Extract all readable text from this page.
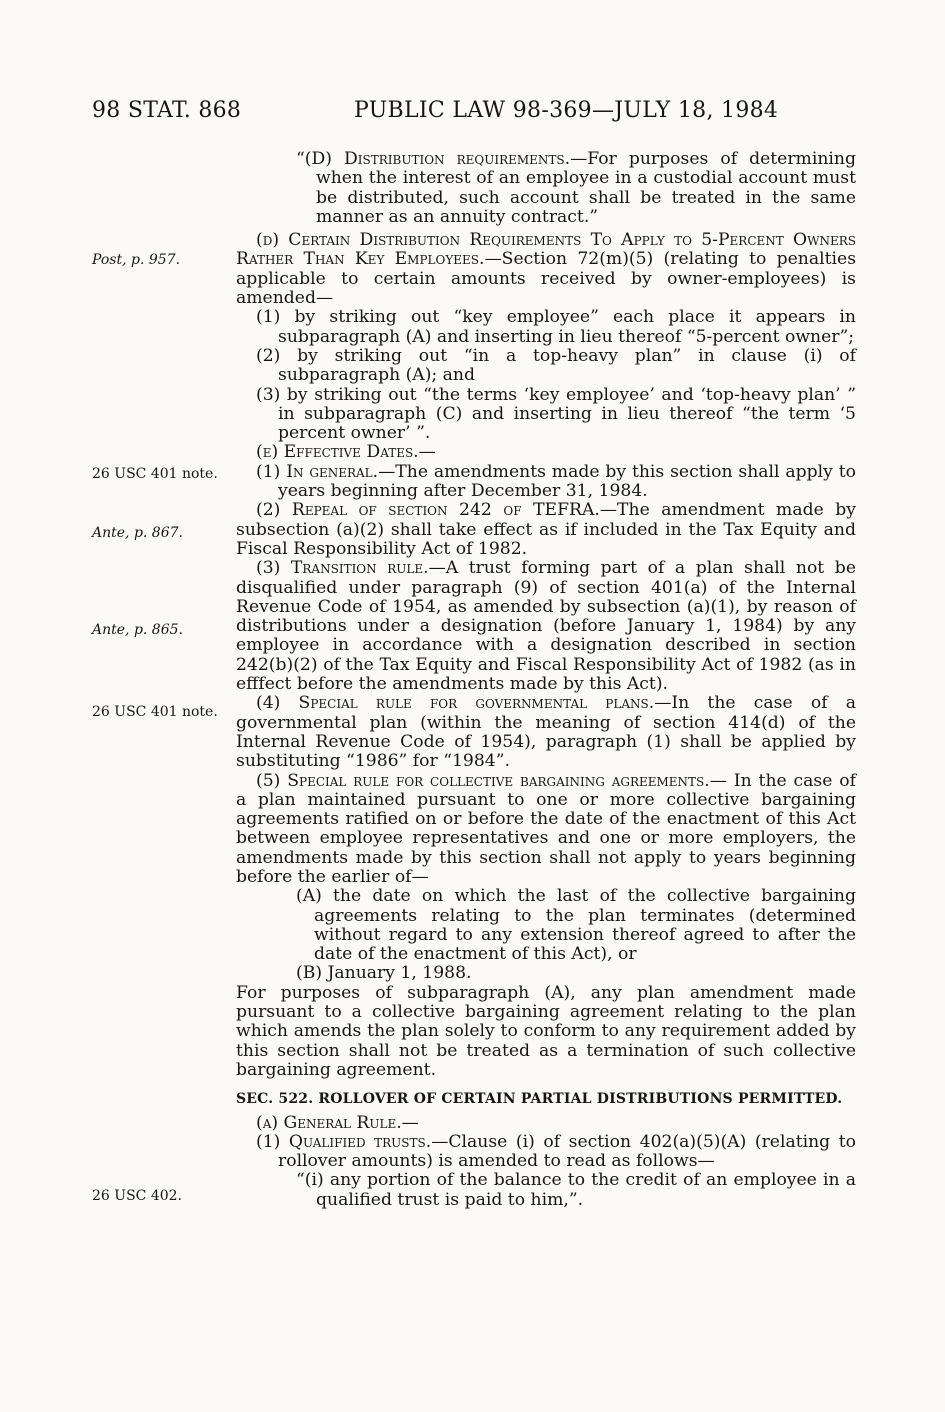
98 STAT. 868	PUBLIC LAW 98-369—JULY 18, 1984
Post, p. 957.
26 USC 401 note.
Ante, p. 867.
Ante, p. 865.
26 USC 401 note.
26 USC 402.

“(D) Distribution requirements.—For purposes of determining when the interest of an employee in a custodial account must be distributed, such account shall be treated in the same manner as an annuity contract.”

(d) Certain Distribution Requirements To Apply to 5-Percent Owners Rather Than Key Employees.—Section 72(m)(5) (relating to penalties applicable to certain amounts received by owner-employees) is amended—

(1) by striking out “key employee” each place it appears in subparagraph (A) and inserting in lieu thereof “5-percent owner”;

(2) by striking out “in a top-heavy plan” in clause (i) of subparagraph (A); and

(3) by striking out “the terms ‘key employee’ and ‘top-heavy plan’ ” in subparagraph (C) and inserting in lieu thereof “the term ‘5 percent owner’ ”.

(e) Effective Dates.—

(1) In general.—The amendments made by this section shall apply to years beginning after December 31, 1984.

(2) Repeal of section 242 of TEFRA.—The amendment made by subsection (a)(2) shall take effect as if included in the Tax Equity and Fiscal Responsibility Act of 1982.

(3) Transition rule.—A trust forming part of a plan shall not be disqualified under paragraph (9) of section 401(a) of the Internal Revenue Code of 1954, as amended by subsection (a)(1), by reason of distributions under a designation (before January 1, 1984) by any employee in accordance with a designation described in section 242(b)(2) of the Tax Equity and Fiscal Responsibility Act of 1982 (as in efffect before the amendments made by this Act).

(4) Special rule for governmental plans.—In the case of a governmental plan (within the meaning of section 414(d) of the Internal Revenue Code of 1954), paragraph (1) shall be applied by substituting “1986” for “1984”.

(5) Special rule for collective bargaining agreements.— In the case of a plan maintained pursuant to one or more collective bargaining agreements ratified on or before the date of the enactment of this Act between employee representatives and one or more employers, the amendments made by this section shall not apply to years beginning before the earlier of—

(A) the date on which the last of the collective bargaining agreements relating to the plan terminates (determined without regard to any extension thereof agreed to after the date of the enactment of this Act), or

(B) January 1, 1988.

For purposes of subparagraph (A), any plan amendment made pursuant to a collective bargaining agreement relating to the plan which amends the plan solely to conform to any requirement added by this section shall not be treated as a termination of such collective bargaining agreement.

SEC. 522. ROLLOVER OF CERTAIN PARTIAL DISTRIBUTIONS PERMITTED.

(a) General Rule.—

(1) Qualified trusts.—Clause (i) of section 402(a)(5)(A) (relating to rollover amounts) is amended to read as follows—

“(i) any portion of the balance to the credit of an employee in a qualified trust is paid to him,”.
